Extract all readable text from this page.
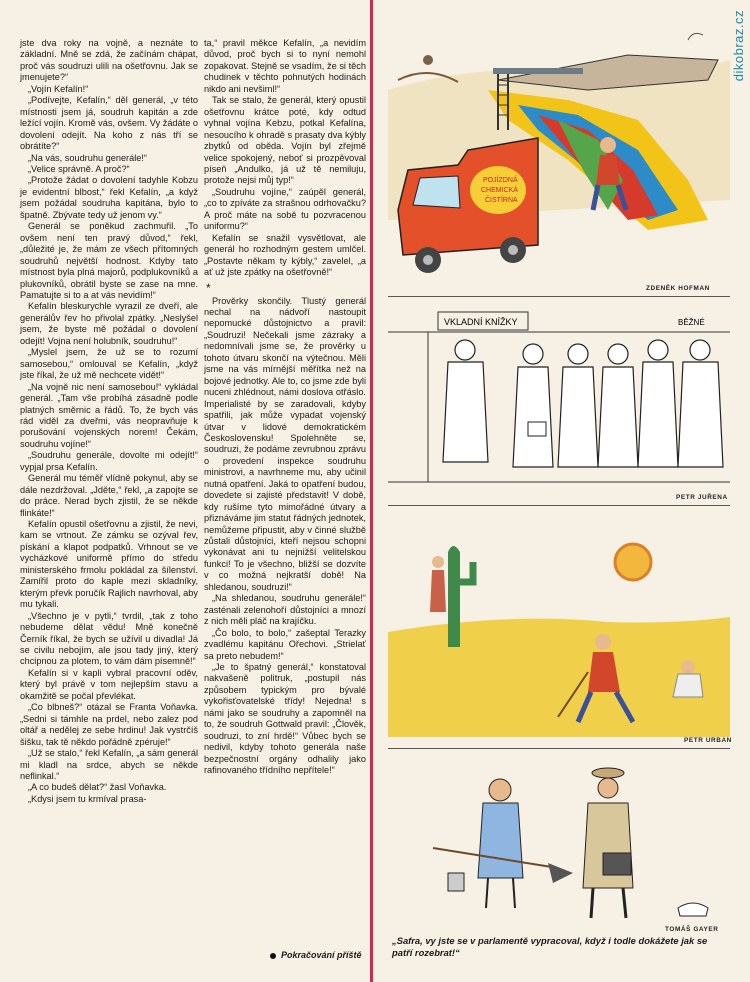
dikobraz.cz

jste dva roky na vojně, a neznáte to základní. Mně se zdá, že začínám chápat, proč vás soudruzi ulili na ošetřovnu. Jak se jmenujete?“

„Vojín Kefalín!“

„Podívejte, Kefalín,“ děl generál, „v této místnosti jsem já, soudruh kapitán a zde ležící vojín. Kromě vás, ovšem. Vy žádáte o dovolení odejít. Na koho z nás tří se obrátíte?“

„Na vás, soudruhu generále!“

„Velice správně. A proč?“

„Protože žádat o dovolení tadyhle Kobzu je evidentní blbost,“ řekl Kefalín, „a když jsem požádal soudruha kapitána, bylo to špatně. Zbývate tedy už jenom vy.“

Generál se poněkud zachmuřil. „To ovšem není ten pravý důvod,“ řekl, „důležité je, že mám ze všech přítomných soudruhů největší hodnost. Kdyby tato místnost byla plná majorů, podplukovníků a plukovníků, obrátil byste se zase na mne. Pamatujte si to a at vás nevidím!“

Kefalín bleskurychle vyrazil ze dveří, ale generálův řev ho přivolal zpátky. „Neslyšel jsem, že byste mě požádal o dovolení odejít! Vojna není holubník, soudruhu!“

„Myslel jsem, že už se to rozumí samosebou,“ omlouval se Kefalín, „když jste říkal, že už mě nechcete vidět!“

„Na vojně nic není samosebou!“ vykládal generál. „Tam vše probíhá zásadně podle platných směrnic a řádů. To, že bych vás rád viděl za dveřmi, vás neopravňuje k porušování vojenských norem! Čekám, soudruhu vojíne!“

„Soudruhu generále, dovolte mi odejít!“ vypjal prsa Kefalín.

Generál mu téměř vlídně pokynul, aby se dále nezdržoval. „Jděte,“ řekl, „a zapojte se do práce. Nerad bych zjistil, že se někde flinkáte!“

Kefalín opustil ošetřovnu a zjistil, že nevi, kam se vrtnout. Ze zámku se ozýval řev, pískání a klapot podpatků. Vrhnout se ve vycházkové uniformě přímo do středu ministerského frmolu pokládal za šílenství. Zamířil proto do kaple mezi skladníky, kterým převk poručík Rajlich navrhoval, aby mu tykali.

„Všechno je v pytli,“ tvrdil, „tak z toho nebudeme dělat vědu! Mně konečně Černík říkal, že bych se užívil u divadla! Já se civilu nebojím, ale jsou tady jiný, který chcipnou za plotem, to vám dám písemně!“

Kefalín si v kapli vybral pracovní oděv, který byl právě v tom nejlepším stavu a okamžitě se počal převlékat.

„Co blbneš?“ otázal se Franta Voňavka. „Sedni si támhle na prdel, nebo zalez pod oltář a nedělej ze sebe hrdinu! Jak vystrčíš šišku, tak tě někdo pořádně zpéruje!“

„Už se stalo,“ řekl Kefalín, „a sám generál mi kladl na srdce, abych se někde neflinkal.“

„A co budeš dělat?“ žasl Voňavka.

„Kdysi jsem tu krmíval prasa-

ta,“ pravil měkce Kefalín, „a nevidím důvod, proč bych si to nyní nemohl zopakovat. Stejně se vsadím, že si těch chudinek v těchto pohnutých hodinách nikdo ani nevšiml!“

Tak se stalo, že generál, který opustil ošetřovnu krátce poté, kdy odtud vyhnal vojína Kebzu, potkal Kefalína, nesoucího k ohradě s prasaty dva kýbly zbytků od oběda. Vojín byl zřejmě velice spokojený, neboť si prozpěvoval píseň „Andulko, já už tě nemiluju, protože nejsi můj typ!“

„Soudruhu vojíne,“ zaúpěl generál, „co to zpíváte za strašnou odrhovačku? A proč máte na sobě tu pozvracenou uniformu?“

Kefalín se snažil vysvětlovat, ale generál ho rozhodným gestem umlčel. „Postavte někam ty kýbly,“ zavelel, „a ať už jste zpátky na ošetřovně!“

*

Prověrky skončily. Tlustý generál nechal na nádvoří nastoupit nepomucké důstojnictvo a pravil: „Soudruzi! Nečekali jsme zázraky a nedomnívali jsme se, že prověrky u tohoto útvaru skončí na výtečnou. Měli jsme na vás mírnější měřítka než na bojové jednotky. Ale to, co jsme zde byli nuceni zhlédnout, námi doslova otřáslo. Imperialisté by se zaradovali, kdyby spatřili, jak může vypadat vojenský útvar v lidové demokratickém Československu! Spolehněte se, soudruzi, že podáme zevrubnou zprávu o provedení inspekce soudruhu ministrovi, a navrhneme mu, aby učinil nutná opatření. Jaká to opatření budou, dovedete si zajisté představit! V době, kdy rušíme tyto mimořádné útvary a přiznáváme jim statut řádných jednotek, nemůžeme připustit, aby v činné službě zůstali důstojníci, kteří nejsou schopni vykonávat ani tu nejnižší velitelskou funkci! To je všechno, bližší se dozvíte v co možná nejkratší době! Na shledanou, soudruzi!“

„Na shledanou, soudruhu generále!“ zasténali zelenohoří důstojníci a mnozí z nich měli pláč na krajíčku.

„Čo bolo, to bolo,“ zašeptal Terazky zvadlému kapitánu Ořechovi. „Strielať sa preto nebudem!“

„Je to špatný generál,“ konstatoval nakvašeně politruk, „postupil nás způsobem typickým pro bývalé vykořisťovatelské třídy! Nejedna! s námi jako se soudruhy a zapomněl na to, že soudruh Gottwald pravil: „Člověk, soudruzi, to zní hrdě!“ Vůbec bych se nedivil, kdyby tohoto generála naše bezpečnostní orgány odhalily jako rafinovaného třídního nepřítele!“

Pokračování příště
POJÍZDNÁ
CHEMICKÁ
ČISTÍRNA
ZDENĚK HOFMAN
VKLADNÍ KNÍŽKY	BĚŽNÉ
PETR JUŘENA
PETR URBAN
TOMÁŠ GAYER
„Safra, vy jste se v parlamentě vypracoval, když i todle dokážete jak se patří rozebrat!“
